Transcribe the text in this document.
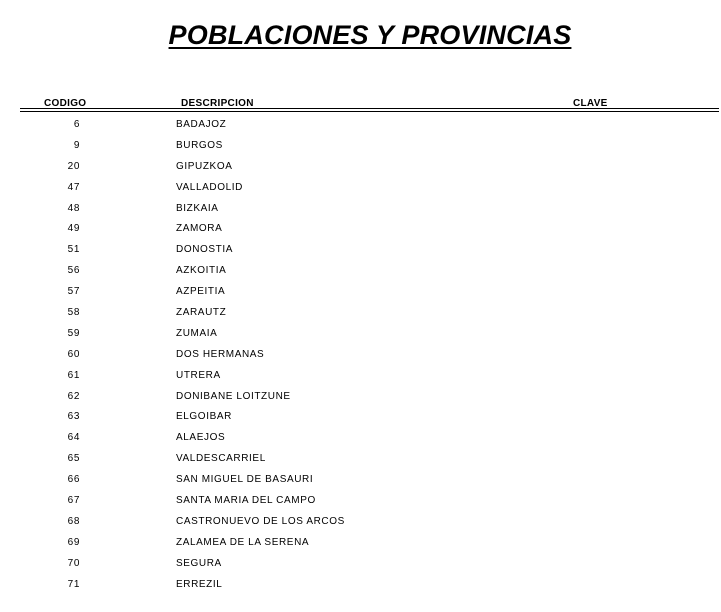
POBLACIONES Y PROVINCIAS
CODIGO	DESCRIPCION	CLAVE
6	BADAJOZ
9	BURGOS
20	GIPUZKOA
47	VALLADOLID
48	BIZKAIA
49	ZAMORA
51	DONOSTIA
56	AZKOITIA
57	AZPEITIA
58	ZARAUTZ
59	ZUMAIA
60	DOS HERMANAS
61	UTRERA
62	DONIBANE LOITZUNE
63	ELGOIBAR
64	ALAEJOS
65	VALDESCARRIEL
66	SAN MIGUEL DE BASAURI
67	SANTA MARIA DEL CAMPO
68	CASTRONUEVO DE LOS ARCOS
69	ZALAMEA DE LA SERENA
70	SEGURA
71	ERREZIL
